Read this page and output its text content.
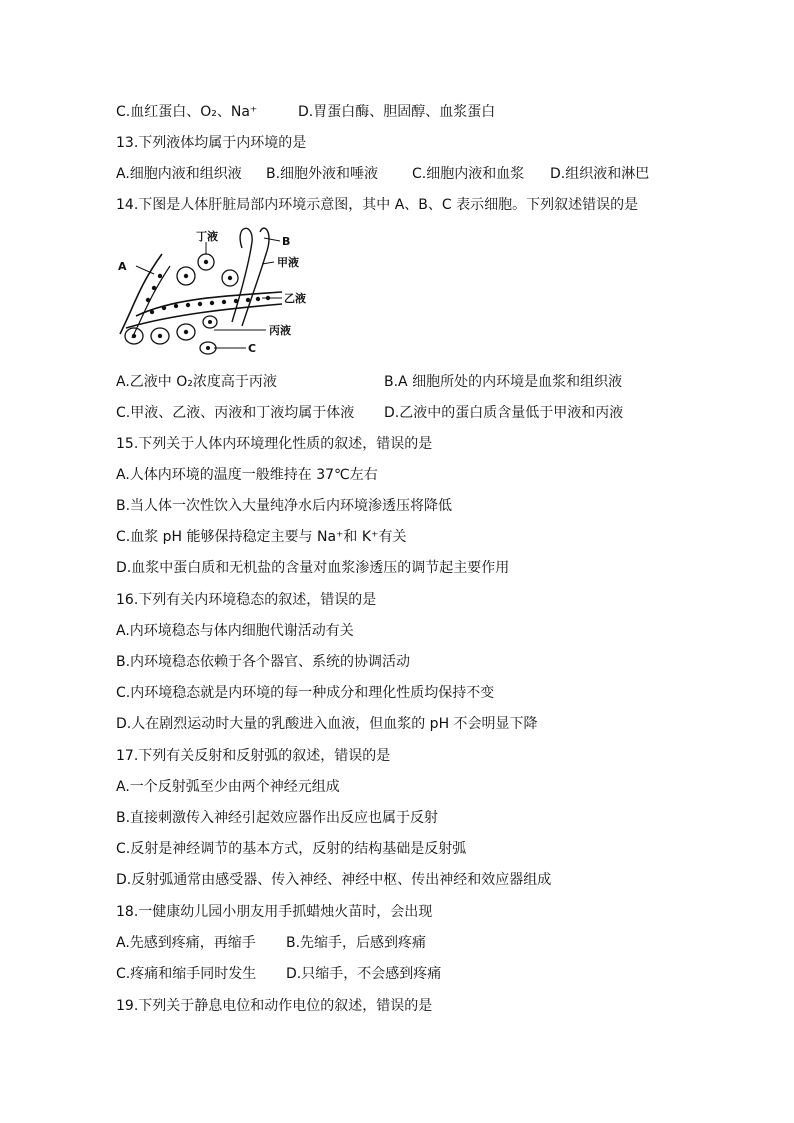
C.血红蛋白、O₂、Na⁺	D.胃蛋白酶、胆固醇、血浆蛋白
13.下列液体均属于内环境的是
A.细胞内液和组织液 B.细胞外液和唾液 C.细胞内液和血浆 D.组织液和淋巴
14.下图是人体肝脏局部内环境示意图，其中 A、B、C 表示细胞。下列叙述错误的是
丁液	B
A	甲液
乙液
丙液
C
A.乙液中 O₂浓度高于丙液	B.A 细胞所处的内环境是血浆和组织液
C.甲液、乙液、丙液和丁液均属于体液 D.乙液中的蛋白质含量低于甲液和丙液
15.下列关于人体内环境理化性质的叙述，错误的是
A.人体内环境的温度一般维持在 37℃左右
B.当人体一次性饮入大量纯净水后内环境渗透压将降低
C.血浆 pH 能够保持稳定主要与 Na⁺和 K⁺有关
D.血浆中蛋白质和无机盐的含量对血浆渗透压的调节起主要作用
16.下列有关内环境稳态的叙述，错误的是
A.内环境稳态与体内细胞代谢活动有关
B.内环境稳态依赖于各个器官、系统的协调活动
C.内环境稳态就是内环境的每一种成分和理化性质均保持不变
D.人在剧烈运动时大量的乳酸进入血液，但血浆的 pH 不会明显下降
17.下列有关反射和反射弧的叙述，错误的是
A.一个反射弧至少由两个神经元组成
B.直接刺激传入神经引起效应器作出反应也属于反射
C.反射是神经调节的基本方式，反射的结构基础是反射弧
D.反射弧通常由感受器、传入神经、神经中枢、传出神经和效应器组成
18.一健康幼儿园小朋友用手抓蜡烛火苗时，会出现
A.先感到疼痛，再缩手 B.先缩手，后感到疼痛
C.疼痛和缩手同时发生 D.只缩手，不会感到疼痛
19.下列关于静息电位和动作电位的叙述，错误的是
